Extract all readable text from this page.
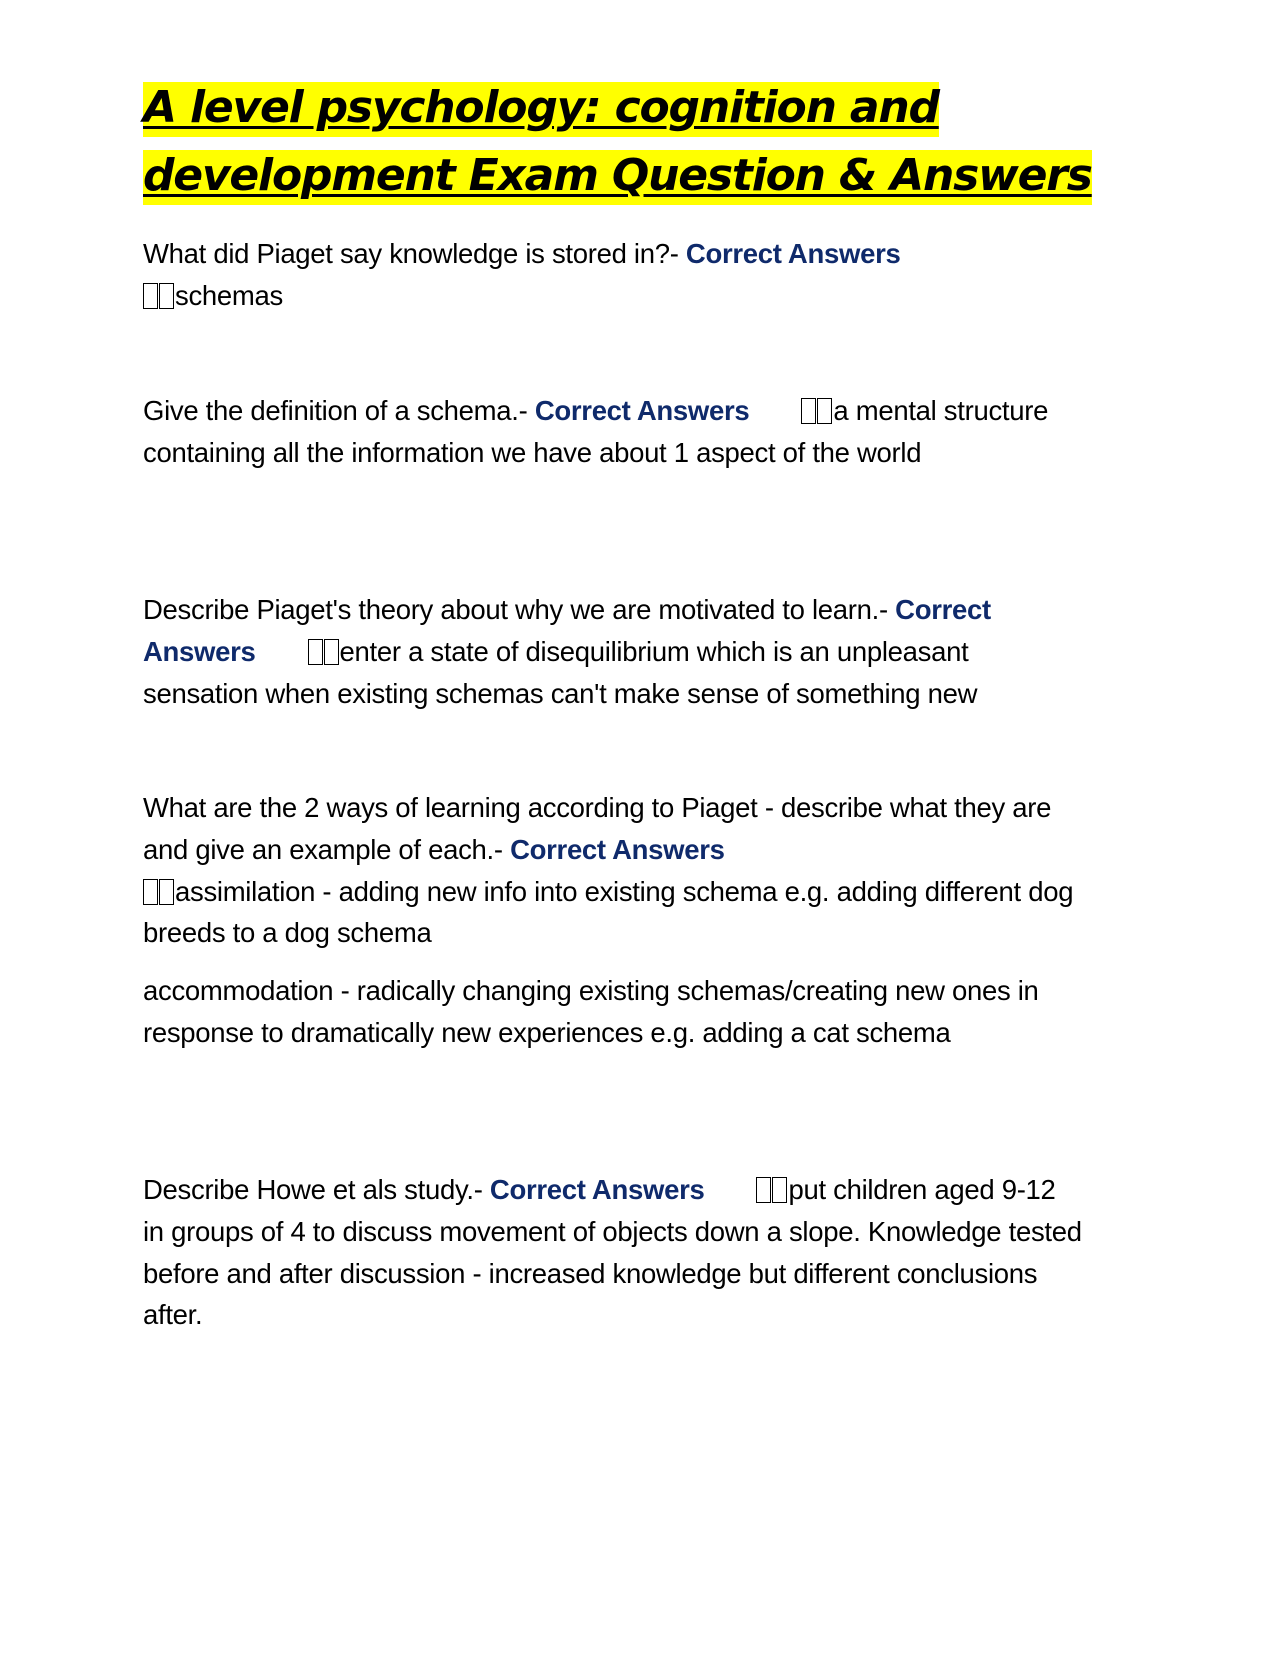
A level psychology: cognition and
development Exam Question & Answers

What did Piaget say knowledge is stored in?- Correct Answers
schemas

Give the definition of a schema.- Correct Answers	a mental structure containing all the information we have about 1 aspect of the world

Describe Piaget's theory about why we are motivated to learn.- Correct Answers	enter a state of disequilibrium which is an unpleasant sensation when existing schemas can't make sense of something new

What are the 2 ways of learning according to Piaget - describe what they are and give an example of each.- Correct Answers
assimilation - adding new info into existing schema e.g. adding different dog breeds to a dog schema

accommodation - radically changing existing schemas/creating new ones in response to dramatically new experiences e.g. adding a cat schema

Describe Howe et als study.- Correct Answers	put children aged 9-12 in groups of 4 to discuss movement of objects down a slope. Knowledge tested before and after discussion - increased knowledge but different conclusions after.
